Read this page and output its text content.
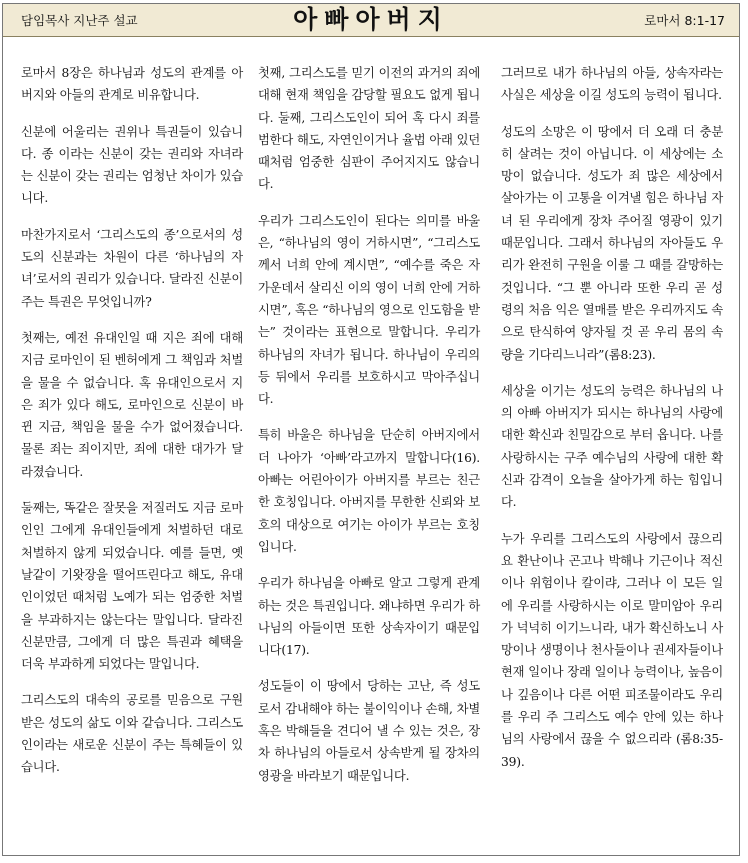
담임목사 지난주 설교	아빠아버지	로마서 8:1-17

로마서 8장은 하나님과 성도의 관계를 아버지와 아들의 관계로 비유합니다.

신분에 어울리는 권위나 특권들이 있습니다. 종 이라는 신분이 갖는 권리와 자녀라는 신분이 갖는 권리는 엄청난 차이가 있습니다.

마찬가지로서 ‘그리스도의 종’으로서의 성도의 신분과는 차원이 다른 ‘하나님의 자녀’로서의 권리가 있습니다. 달라진 신분이 주는 특권은 무엇입니까?

첫째는, 예전 유대인일 때 지은 죄에 대해 지금 로마인이 된 벤허에게 그 책임과 처벌을 물을 수 없습니다. 혹 유대인으로서 지은 죄가 있다 해도, 로마인으로 신분이 바뀐 지금, 책임을 물을 수가 없어졌습니다. 물론 죄는 죄이지만, 죄에 대한 대가가 달라졌습니다.

둘째는, 똑같은 잘못을 저질러도 지금 로마인인 그에게 유대인들에게 처벌하던 대로 처벌하지 않게 되었습니다. 예를 들면, 옛날같이 기왓장을 떨어뜨린다고 해도, 유대인이었던 때처럼 노예가 되는 엄중한 처벌을 부과하지는 않는다는 말입니다. 달라진 신분만큼, 그에게 더 많은 특권과 혜택을 더욱 부과하게 되었다는 말입니다.

그리스도의 대속의 공로를 믿음으로 구원받은 성도의 삶도 이와 같습니다. 그리스도인이라는 새로운 신분이 주는 특혜들이 있습니다.

첫째, 그리스도를 믿기 이전의 과거의 죄에 대해 현재 책임을 감당할 필요도 없게 됩니다. 둘째, 그리스도인이 되어 혹 다시 죄를 범한다 해도, 자연인이거나 율법 아래 있던 때처럼 엄중한 심판이 주어지지도 않습니다.

우리가 그리스도인이 된다는 의미를 바울은, “하나님의 영이 거하시면”, “그리스도께서 너희 안에 계시면”, “예수를 죽은 자 가운데서 살리신 이의 영이 너희 안에 거하시면”, 혹은 “하나님의 영으로 인도함을 받는” 것이라는 표현으로 말합니다. 우리가 하나님의 자녀가 됩니다. 하나님이 우리의 등 뒤에서 우리를 보호하시고 막아주십니다.

특히 바울은 하나님을 단순히 아버지에서 더 나아가 ‘아빠’라고까지 말합니다(16). 아빠는 어린아이가 아버지를 부르는 친근한 호칭입니다. 아버지를 무한한 신뢰와 보호의 대상으로 여기는 아이가 부르는 호칭입니다.

우리가 하나님을 아빠로 알고 그렇게 관계하는 것은 특권입니다. 왜냐하면 우리가 하나님의 아들이면 또한 상속자이기 때문입니다(17).

성도들이 이 땅에서 당하는 고난, 즉 성도로서 감내해야 하는 불이익이나 손해, 차별 혹은 박해들을 견디어 낼 수 있는 것은, 장차 하나님의 아들로서 상속받게 될 장차의 영광을 바라보기 때문입니다.

그러므로 내가 하나님의 아들, 상속자라는 사실은 세상을 이길 성도의 능력이 됩니다.

성도의 소망은 이 땅에서 더 오래 더 충분히 살려는 것이 아닙니다. 이 세상에는 소망이 없습니다. 성도가 죄 많은 세상에서 살아가는 이 고통을 이겨낼 힘은 하나님 자녀 된 우리에게 장차 주어질 영광이 있기 때문입니다. 그래서 하나님의 자아들도 우리가 완전히 구원을 이룰 그 때를 갈망하는 것입니다. “그 뿐 아니라 또한 우리 곧 성령의 처음 익은 열매를 받은 우리까지도 속으로 탄식하여 양자될 것 곧 우리 몸의 속량을 기다리느니라”(롬8:23).

세상을 이기는 성도의 능력은 하나님의 나의 아빠 아버지가 되시는 하나님의 사랑에 대한 확신과 친밀감으로 부터 옵니다. 나를 사랑하시는 구주 예수님의 사랑에 대한 확신과 감격이 오늘을 살아가게 하는 힘입니다.

누가 우리를 그리스도의 사랑에서 끊으리요 환난이나 곤고나 박해나 기근이나 적신이나 위험이나 칼이랴, 그러나 이 모든 일에 우리를 사랑하시는 이로 말미암아 우리가 넉넉히 이기느니라, 내가 확신하노니 사망이나 생명이나 천사들이나 권세자들이나 현재 일이나 장래 일이나 능력이나, 높음이나 깊음이나 다른 어떤 피조물이라도 우리를 우리 주 그리스도 예수 안에 있는 하나님의 사랑에서 끊을 수 없으리라 (롬8:35-39).
